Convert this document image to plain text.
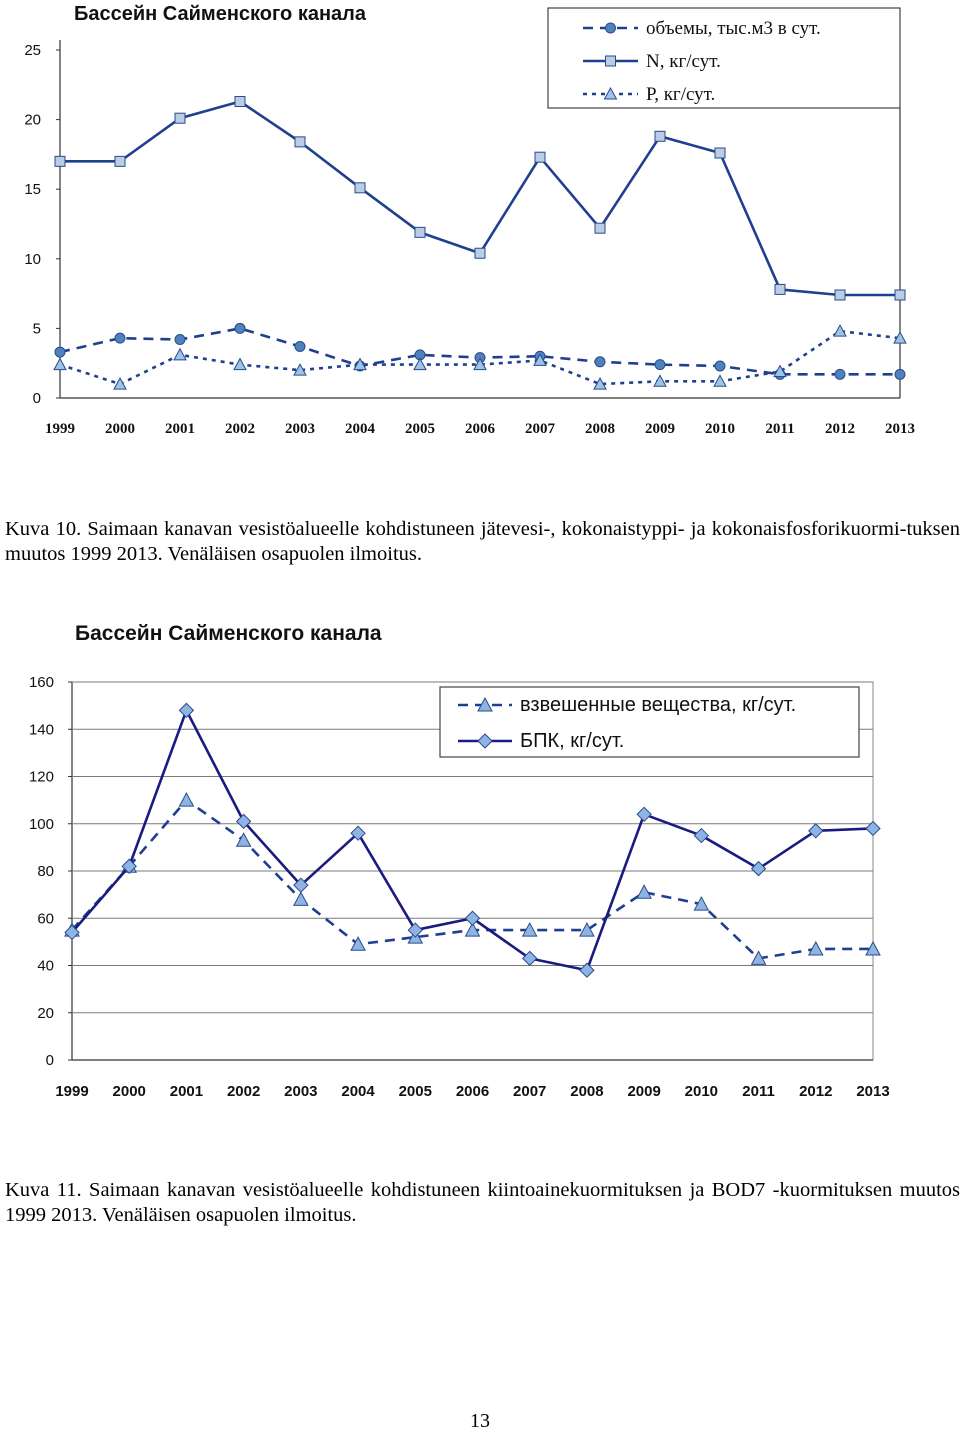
Бассейн Сайменского канала
0
5
10
15
20
25
1999 2000 2001 2002 2003 2004 2005 2006 2007 2008 2009 2010 2011 2012 2013
объемы, тыс.м3 в сут.
N, кг/сут.
Р, кг/сут.
Kuva 10. Saimaan kanavan vesistöalueelle kohdistuneen jätevesi-, kokonaistyppi- ja kokonaisfosforikuormi-tuksen muutos 1999 2013. Venäläisen osapuolen ilmoitus.
Бассейн Сайменского канала
0
20
40
60
80
100
120
140
160
1999 2000 2001 2002 2003 2004 2005 2006 2007 2008 2009 2010 2011 2012 2013
взвешенные вещества, кг/сут.
БПК, кг/сут.
Kuva 11. Saimaan kanavan vesistöalueelle kohdistuneen kiintoainekuormituksen ja BOD7 -kuormituksen muutos 1999 2013. Venäläisen osapuolen ilmoitus.
13
